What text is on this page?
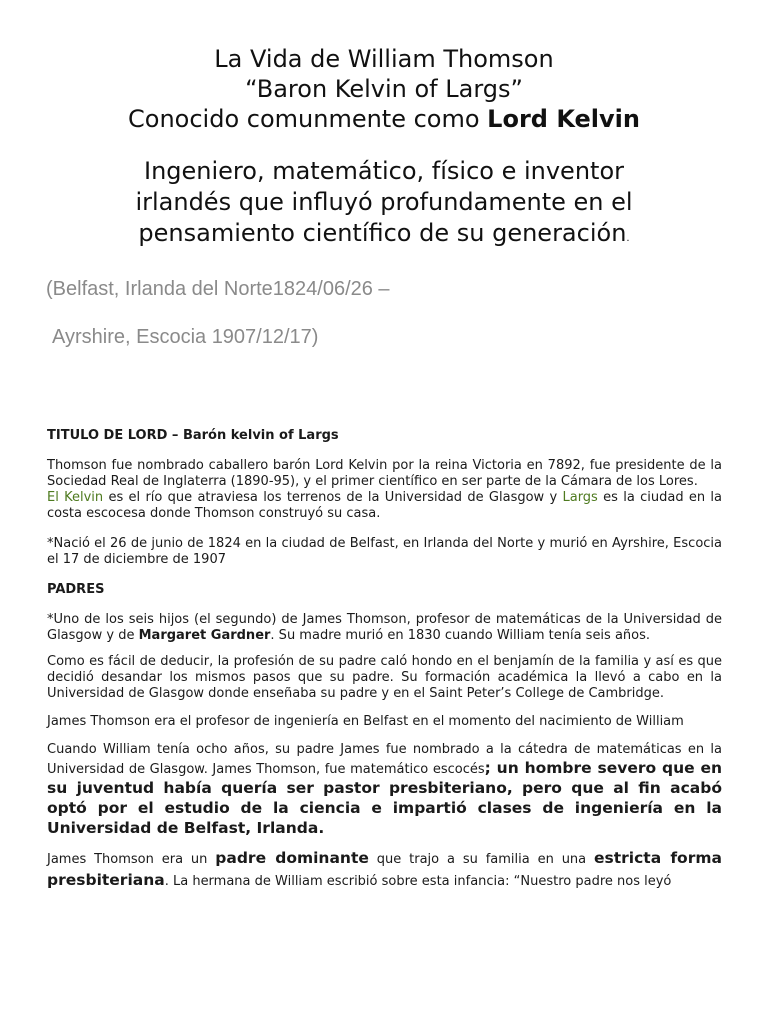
La Vida de William Thomson
“Baron Kelvin of Largs”
Conocido comunmente como Lord Kelvin
Ingeniero, matemático, físico e inventor
irlandés que influyó profundamente en el
pensamiento científico de su generación.
(Belfast, Irlanda del Norte1824/06/26 –
Ayrshire, Escocia 1907/12/17)

TITULO DE LORD – Barón kelvin of Largs

Thomson fue nombrado caballero barón Lord Kelvin por la reina Victoria en 7892, fue presidente de la Sociedad Real de Inglaterra (1890-95), y el primer científico en ser parte de la Cámara de los Lores.

El Kelvin es el río que atraviesa los terrenos de la Universidad de Glasgow y Largs es la ciudad en la costa escocesa donde Thomson construyó su casa.

*Nació el 26 de junio de 1824 en la ciudad de Belfast, en Irlanda del Norte y murió en Ayrshire, Escocia el 17 de diciembre de 1907

PADRES

*Uno de los seis hijos (el segundo) de James Thomson, profesor de matemáticas de la Universidad de Glasgow y de Margaret Gardner. Su madre murió en 1830 cuando William tenía seis años.

Como es fácil de deducir, la profesión de su padre caló hondo en el benjamín de la familia y así es que decidió desandar los mismos pasos que su padre. Su formación académica la llevó a cabo en la Universidad de Glasgow donde enseñaba su padre y en el Saint Peter’s College de Cambridge.

James Thomson era el profesor de ingeniería en Belfast en el momento del nacimiento de William

Cuando William tenía ocho años, su padre James fue nombrado a la cátedra de matemáticas en la Universidad de Glasgow. James Thomson, fue matemático escocés; un hombre severo que en su juventud había quería ser pastor presbiteriano, pero que al fin acabó optó por el estudio de la ciencia e impartió clases de ingeniería en la Universidad de Belfast, Irlanda.

James Thomson era un padre dominante que trajo a su familia en una estricta forma presbiteriana. La hermana de William escribió sobre esta infancia: “Nuestro padre nos leyó
